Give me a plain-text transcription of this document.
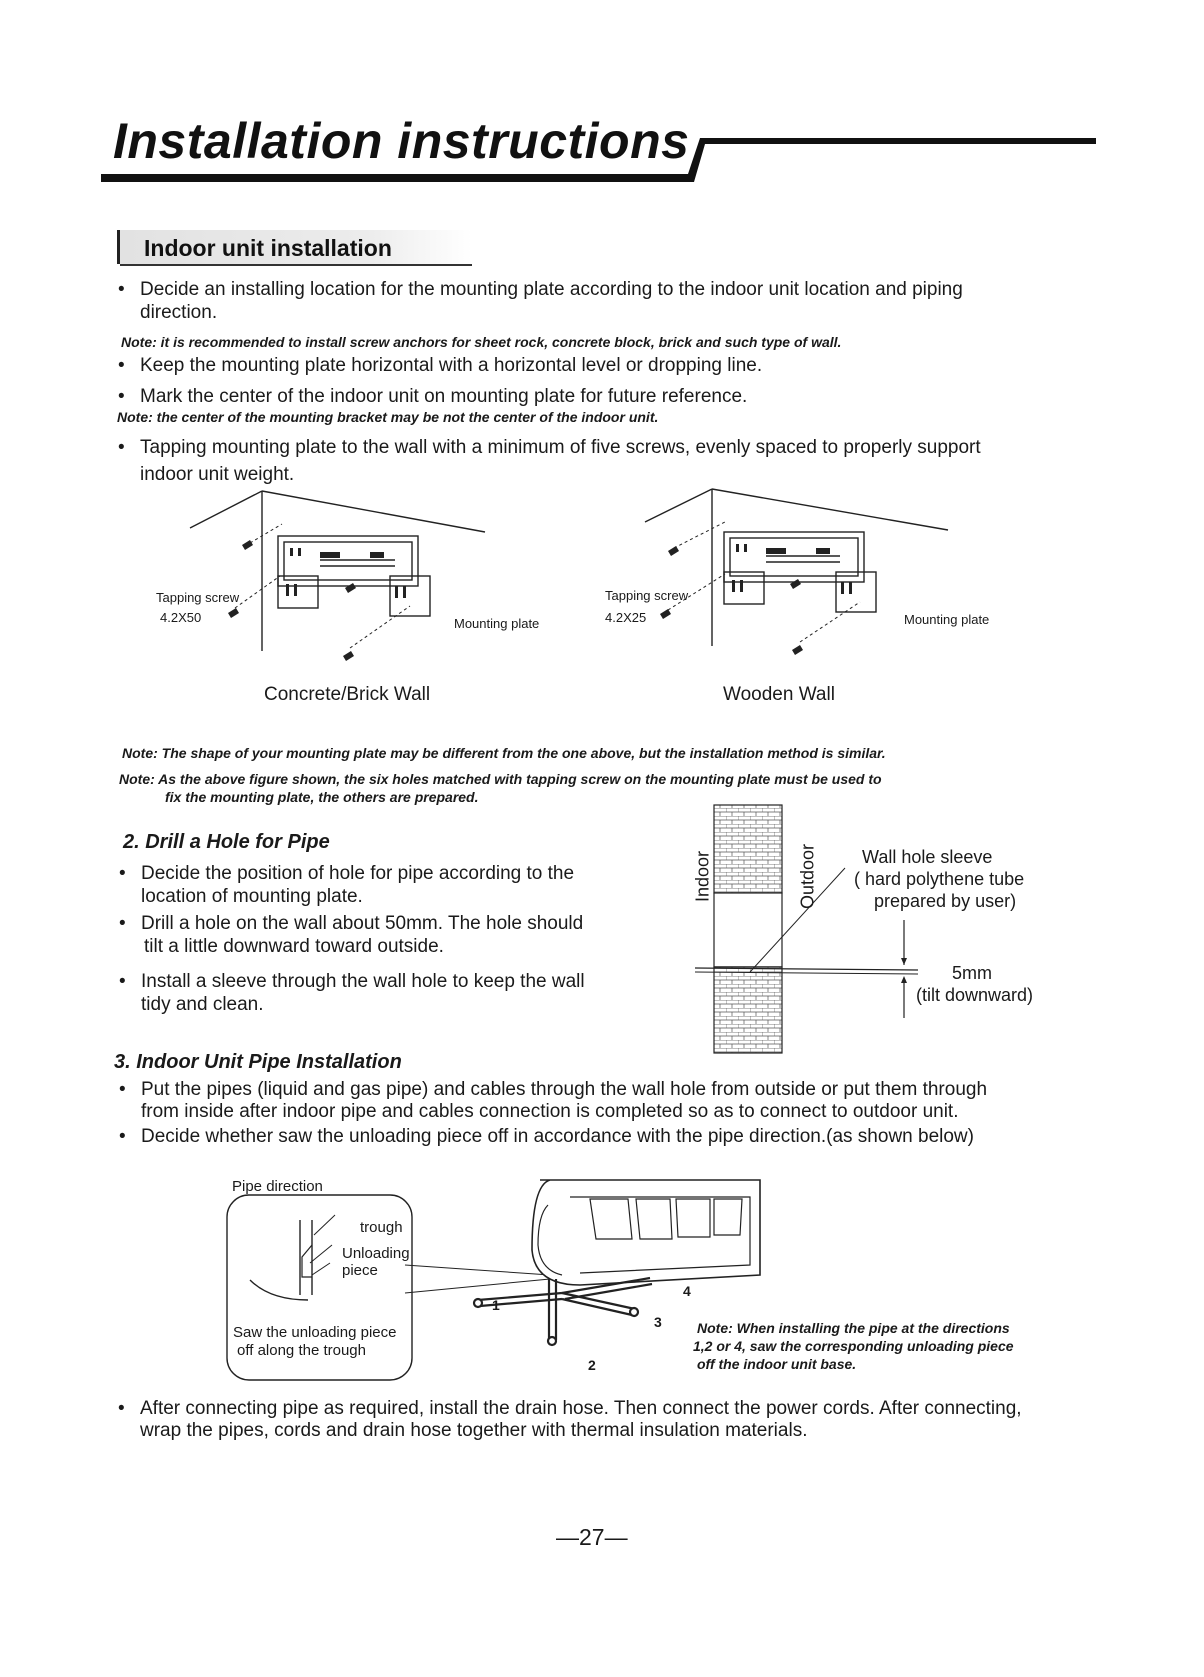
Installation instructions
Indoor unit installation
• Decide an installing location for the mounting plate according to the indoor unit location and piping
direction.
Note: it is recommended to install screw anchors for sheet rock, concrete block, brick and such type of wall.
• Keep the mounting plate horizontal with a horizontal level or dropping line.
• Mark the center of the indoor unit on mounting plate for future reference.
Note: the center of the mounting bracket may be not the center of the indoor unit.
• Tapping mounting plate to the wall with a minimum of five screws, evenly spaced to properly support
indoor unit weight.
Tapping screw
4.2X50	Mounting plate
Concrete/Brick Wall
Tapping screw
4.2X25	Mounting plate
Wooden Wall
Note: The shape of your mounting plate may be different from the one above, but the installation method is similar.
Note: As the above figure shown, the six holes matched with tapping screw on the mounting plate must be used to
fix the mounting plate, the others are prepared.
2. Drill a Hole for Pipe
• Decide the position of hole for pipe according to the
location of mounting plate.
• Drill a hole on the wall about 50mm. The hole should
tilt a little downward toward outside.
• Install a sleeve through the wall hole to keep the wall
tidy and clean.
Indoor	Outdoor	Wall hole sleeve
( hard polythene tube
prepared by user)
5mm
(tilt downward)
3. Indoor Unit Pipe Installation
• Put the pipes (liquid and gas pipe) and cables through the wall hole from outside or put them through
from inside after indoor pipe and cables connection is completed so as to connect to outdoor unit.
• Decide whether saw the unloading piece off in accordance with the pipe direction.(as shown below)
Pipe direction
trough
Unloading
piece
Saw the unloading piece
off along the trough
1
2
3
4
Note: When installing the pipe at the directions
1,2 or 4, saw the corresponding unloading piece
off the indoor unit base.
• After connecting pipe as required, install the drain hose. Then connect the power cords. After connecting,
wrap the pipes, cords and drain hose together with thermal insulation materials.
—27—
